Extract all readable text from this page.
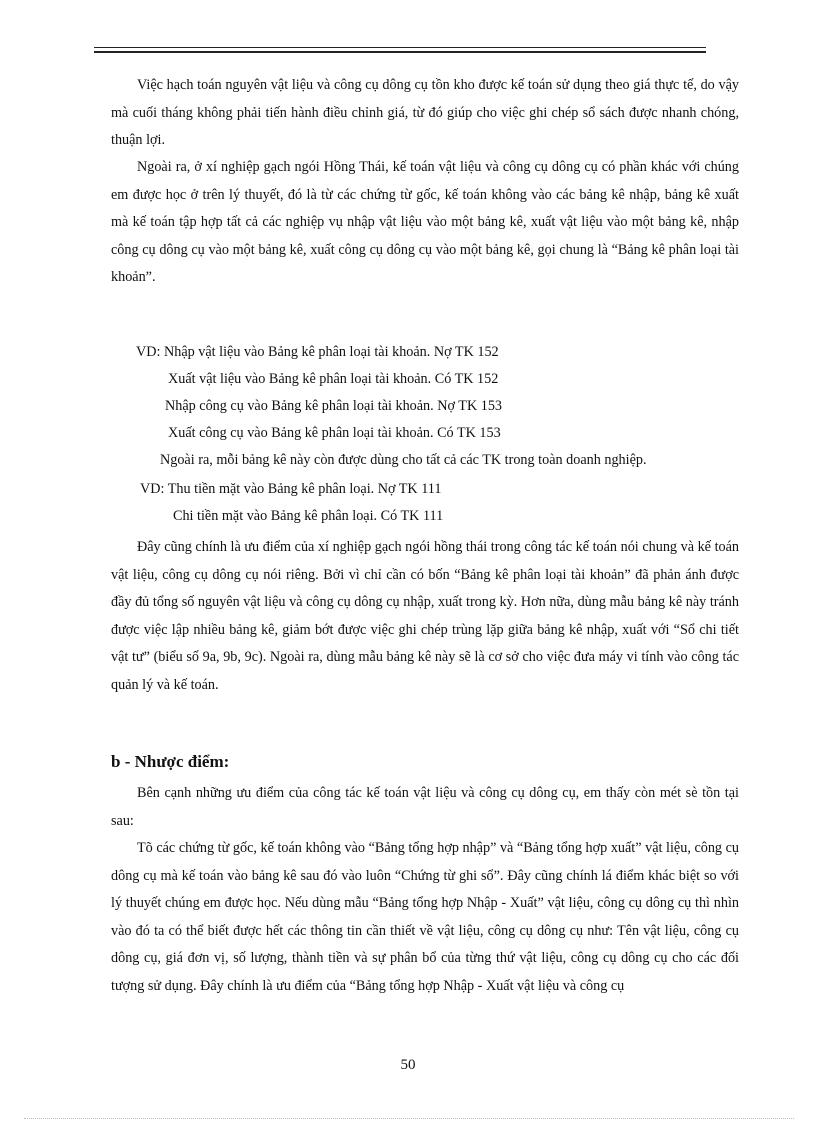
Việc hạch toán nguyên vật liệu và công cụ dông cụ tồn kho được kế toán sử dụng theo giá thực tế, do vậy mà cuối tháng không phải tiến hành điều chỉnh giá, từ đó giúp cho việc ghi chép sổ sách được nhanh chóng, thuận lợi.

Ngoài ra, ở xí nghiệp gạch ngói Hồng Thái, kế toán vật liệu và công cụ dông cụ có phần khác với chúng em được học ở trên lý thuyết, đó là từ các chứng từ gốc, kế toán không vào các bảng kê nhập, bảng kê xuất mà kế toán tập hợp tất cả các nghiệp vụ nhập vật liệu vào một bảng kê, xuất vật liệu vào một bảng kê, nhập công cụ dông cụ vào một bảng kê, xuất công cụ dông cụ vào một bảng kê, gọi chung là “Bảng kê phân loại tài khoản”.

VD: Nhập vật liệu vào Bảng kê phân loại tài khoản. Nợ TK 152

Xuất vật liệu vào Bảng kê phân loại tài khoản. Có TK 152

Nhập công cụ vào Bảng kê phân loại tài khoản. Nợ TK 153

Xuất công cụ vào Bảng kê phân loại tài khoản. Có TK 153

Ngoài ra, mỗi bảng kê này còn được dùng cho tất cả các TK trong toàn doanh nghiệp.

VD: Thu tiền mặt vào Bảng kê phân loại. Nợ TK 111

Chi tiền mặt vào Bảng kê phân loại. Có TK 111

Đây cũng chính là ưu điểm của xí nghiệp gạch ngói hồng thái trong công tác kế toán nói chung và kế toán vật liệu, công cụ dông cụ nói riêng. Bởi vì chỉ cần có bốn “Bảng kê phân loại tài khoản” đã phản ánh được đầy đủ tổng số nguyên vật liệu và công cụ dông cụ nhập, xuất trong kỳ. Hơn nữa, dùng mẫu bảng kê này tránh được việc lập nhiều bảng kê, giảm bớt được việc ghi chép trùng lặp giữa bảng kê nhập, xuất với “Sổ chi tiết vật tư” (biểu số 9a, 9b, 9c). Ngoài ra, dùng mẫu bảng kê này sẽ là cơ sở cho việc đưa máy vi tính vào công tác quản lý và kế toán.

b - Nhược điểm:

Bên cạnh những ưu điểm của công tác kế toán vật liệu và công cụ dông cụ, em thấy còn mét sè tồn tại sau:

Tõ các chứng từ gốc, kế toán không vào “Bảng tổng hợp nhập” và “Bảng tổng hợp xuất” vật liệu, công cụ dông cụ mà kế toán vào bảng kê sau đó vào luôn “Chứng từ ghi sổ”. Đây cũng chính lá điểm khác biệt so với lý thuyết chúng em được học. Nếu dùng mẫu “Bảng tổng hợp Nhập - Xuất” vật liệu, công cụ dông cụ thì nhìn vào đó ta có thể biết được hết các thông tin cần thiết về vật liệu, công cụ dông cụ như: Tên vật liệu, công cụ dông cụ, giá đơn vị, số lượng, thành tiền và sự phân bổ của từng thứ vật liệu, công cụ dông cụ cho các đối tượng sử dụng. Đây chính là ưu điểm của “Bảng tổng hợp Nhập - Xuất vật liệu và công cụ

50
